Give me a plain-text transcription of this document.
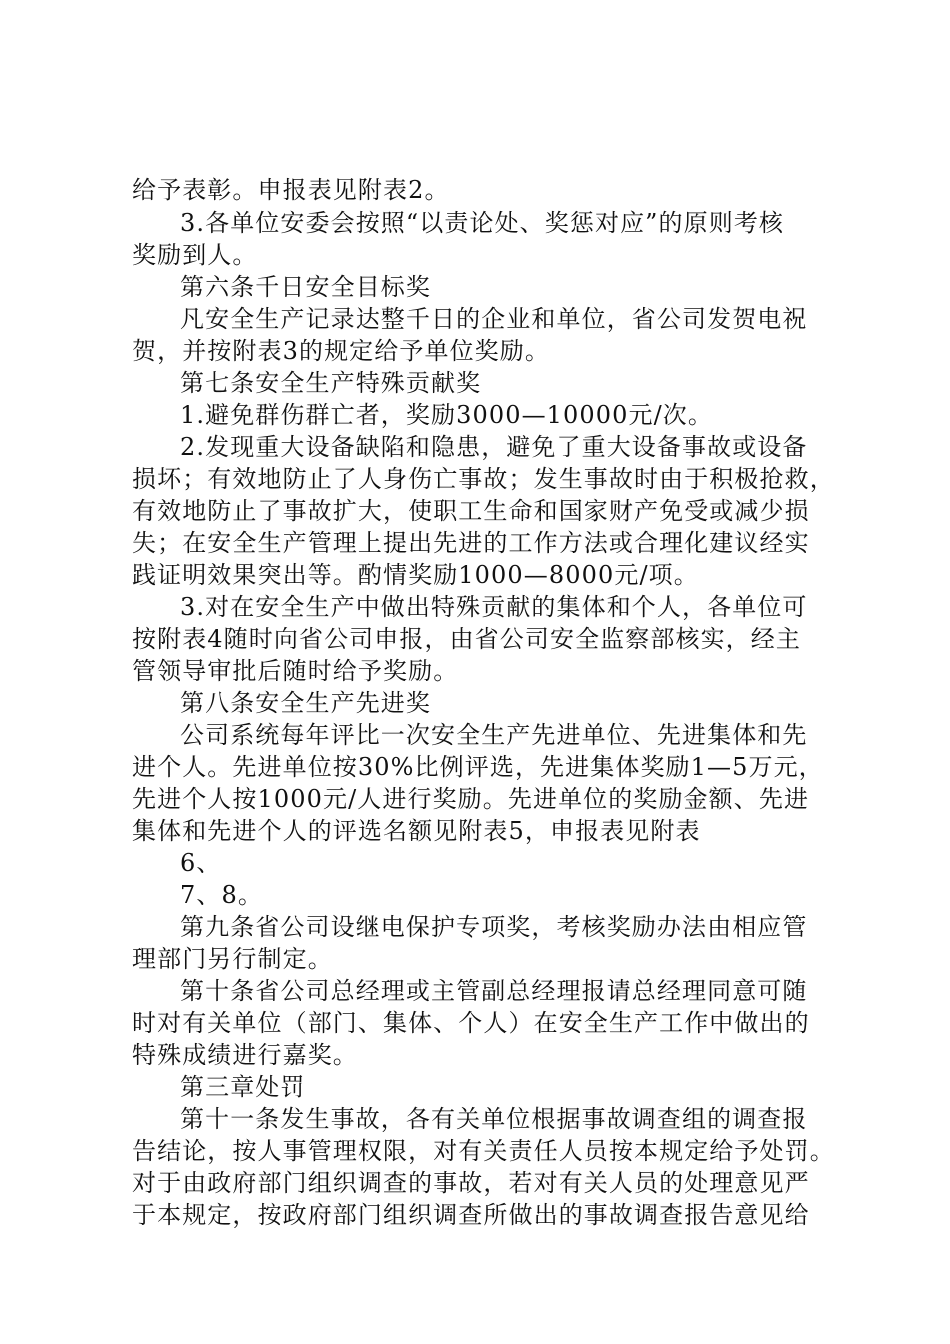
给予表彰。申报表见附表2。
3.各单位安委会按照“以责论处、奖惩对应”的原则考核
奖励到人。
第六条千日安全目标奖
凡安全生产记录达整千日的企业和单位，省公司发贺电祝
贺，并按附表3的规定给予单位奖励。
第七条安全生产特殊贡献奖
1.避免群伤群亡者，奖励3000—10000元/次。
2.发现重大设备缺陷和隐患，避免了重大设备事故或设备
损坏；有效地防止了人身伤亡事故；发生事故时由于积极抢救，
有效地防止了事故扩大，使职工生命和国家财产免受或减少损
失；在安全生产管理上提出先进的工作方法或合理化建议经实
践证明效果突出等。酌情奖励1000—8000元/项。
3.对在安全生产中做出特殊贡献的集体和个人，各单位可
按附表4随时向省公司申报，由省公司安全监察部核实，经主
管领导审批后随时给予奖励。
第八条安全生产先进奖
公司系统每年评比一次安全生产先进单位、先进集体和先
进个人。先进单位按30%比例评选，先进集体奖励1—5万元，
先进个人按1000元/人进行奖励。先进单位的奖励金额、先进
集体和先进个人的评选名额见附表5，申报表见附表
6、
7、8。
第九条省公司设继电保护专项奖，考核奖励办法由相应管
理部门另行制定。
第十条省公司总经理或主管副总经理报请总经理同意可随
时对有关单位（部门、集体、个人）在安全生产工作中做出的
特殊成绩进行嘉奖。
第三章处罚
第十一条发生事故，各有关单位根据事故调查组的调查报
告结论，按人事管理权限，对有关责任人员按本规定给予处罚。
对于由政府部门组织调查的事故，若对有关人员的处理意见严
于本规定，按政府部门组织调查所做出的事故调查报告意见给
